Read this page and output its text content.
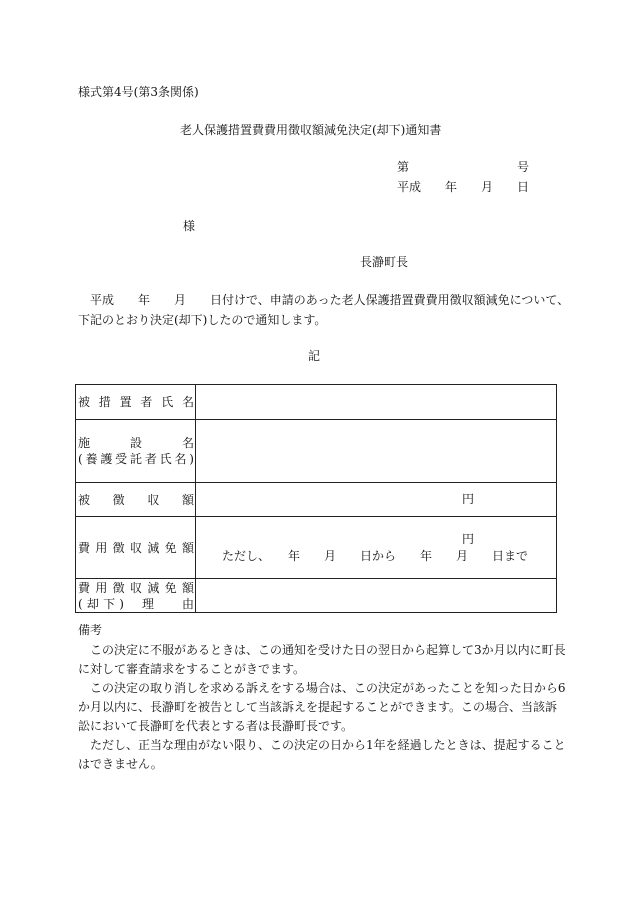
様式第4号(第3条関係)
老人保護措置費費用徴収額減免決定(却下)通知書
第　　　　　　　　　号
平成　　年　　月　　日
様
長瀞町長
　平成　　年　　月　　日付けで、申請のあった老人保護措置費費用徴収額減免について、
下記のとおり決定(却下)したので通知します。
記
被 措 置 者 氏 名
施	設	名
( 養 護 受 託 者 氏 名 )
被 徴 収 額	円
費 用 徴 収 減 免 額
円
ただし、　　年　　月　　日から　　年　　月　　日まで
費 用 徴 収 減 免 額
( 却 下 ) 理 由
備考
　この決定に不服があるときは、この通知を受けた日の翌日から起算して3か月以内に町長
に対して審査請求をすることがきでます。
　この決定の取り消しを求める訴えをする場合は、この決定があったことを知った日から6
か月以内に、長瀞町を被告として当該訴えを提起することができます。この場合、当該訴
訟において長瀞町を代表とする者は長瀞町長です。
　ただし、正当な理由がない限り、この決定の日から1年を経過したときは、提起すること
はできません。
